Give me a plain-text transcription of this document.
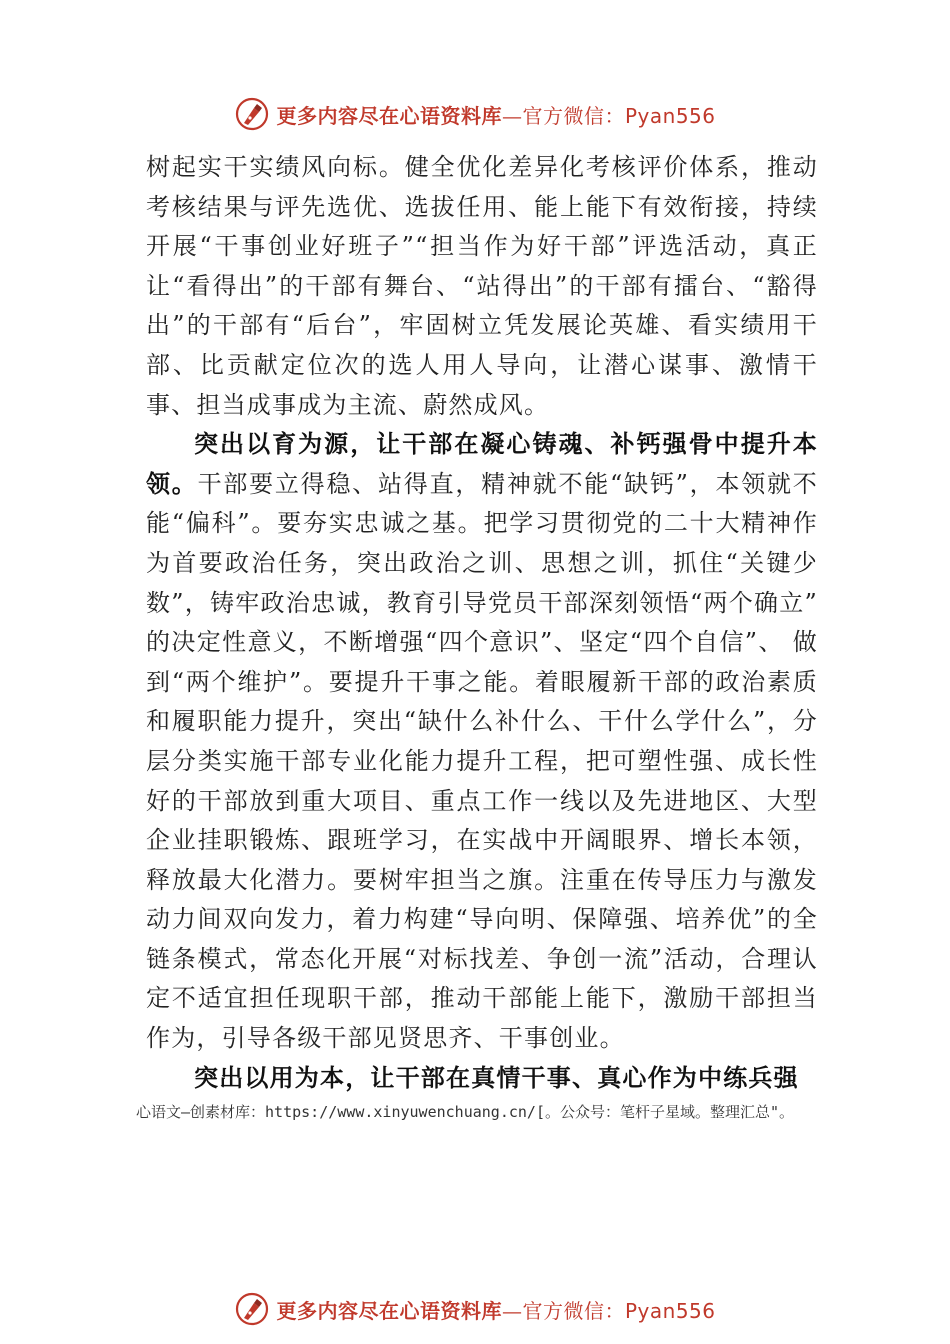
更多内容尽在心语资料库—官方微信：Pyan556

树起实干实绩风向标。健全优化差异化考核评价体系，推动考核结果与评先选优、选拔任用、能上能下有效衔接，持续开展“干事创业好班子”“担当作为好干部”评选活动，真正让“看得出”的干部有舞台、“站得出”的干部有擂台、“豁得出”的干部有“后台”，牢固树立凭发展论英雄、看实绩用干部、比贡献定位次的选人用人导向，让潜心谋事、激情干事、担当成事成为主流、蔚然成风。

突出以育为源，让干部在凝心铸魂、补钙强骨中提升本领。干部要立得稳、站得直，精神就不能“缺钙”，本领就不能“偏科”。要夯实忠诚之基。把学习贯彻党的二十大精神作为首要政治任务，突出政治之训、思想之训，抓住“关键少数”，铸牢政治忠诚，教育引导党员干部深刻领悟“两个确立” 的决定性意义，不断增强“四个意识”、坚定“四个自信”、 做到“两个维护”。要提升干事之能。着眼履新干部的政治素质和履职能力提升，突出“缺什么补什么、干什么学什么”，分层分类实施干部专业化能力提升工程，把可塑性强、成长性好的干部放到重大项目、重点工作一线以及先进地区、大型企业挂职锻炼、跟班学习，在实战中开阔眼界、增长本领， 释放最大化潜力。要树牢担当之旗。注重在传导压力与激发动力间双向发力，着力构建“导向明、保障强、培养优”的全链条模式，常态化开展“对标找差、争创一流”活动，合理认定不适宜担任现职干部，推动干部能上能下，激励干部担当作为，引导各级干部见贤思齐、干事创业。

突出以用为本，让干部在真情干事、真心作为中练兵强

心语文—创素材库：https://www.xinyuwenchuang.cn/[。公众号：笔杆子星域。整理汇总"。
更多内容尽在心语资料库—官方微信：Pyan556
